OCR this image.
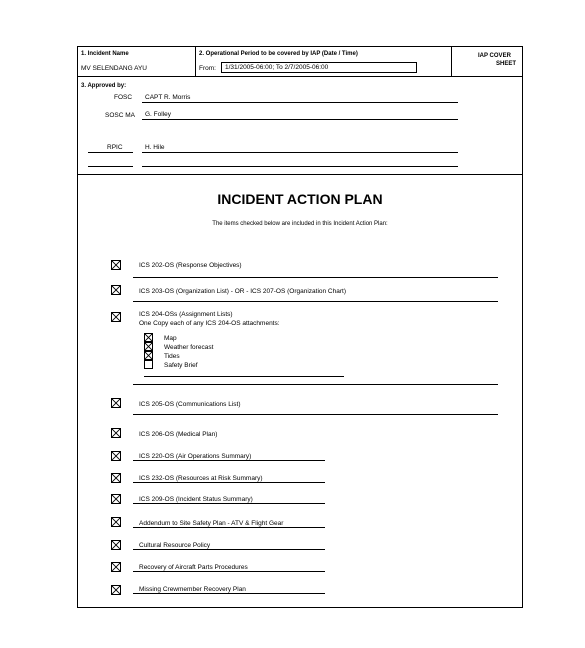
1. Incident Name
MV SELENDANG AYU
2. Operational Period to be covered by IAP (Date / Time)
From:	1/31/2005-06:00; To 2/7/2005-06:00
IAP COVER
SHEET
3. Approved by:
FOSC CAPT R. Morris
SOSC MA G. Folley
RPIC	H. Hile
INCIDENT ACTION PLAN
The items checked below are included in this Incident Action Plan:
ICS 202-OS (Response Objectives)
ICS 203-OS (Organization List) - OR - ICS 207-OS (Organization Chart)
ICS 204-OSs (Assignment Lists)
One Copy each of any ICS 204-OS attachments:
Map
Weather forecast
Tides
Safety Brief
ICS 205-OS (Communications List)
ICS 206-OS (Medical Plan)
ICS 220-OS (Air Operations Summary)
ICS 232-OS (Resources at Risk Summary)
ICS 209-OS (Incident Status Summary)
Addendum to Site Safety Plan - ATV & Flight Gear
Cultural Resource Policy
Recovery of Aircraft Parts Procedures
Missing Crewmember Recovery Plan
